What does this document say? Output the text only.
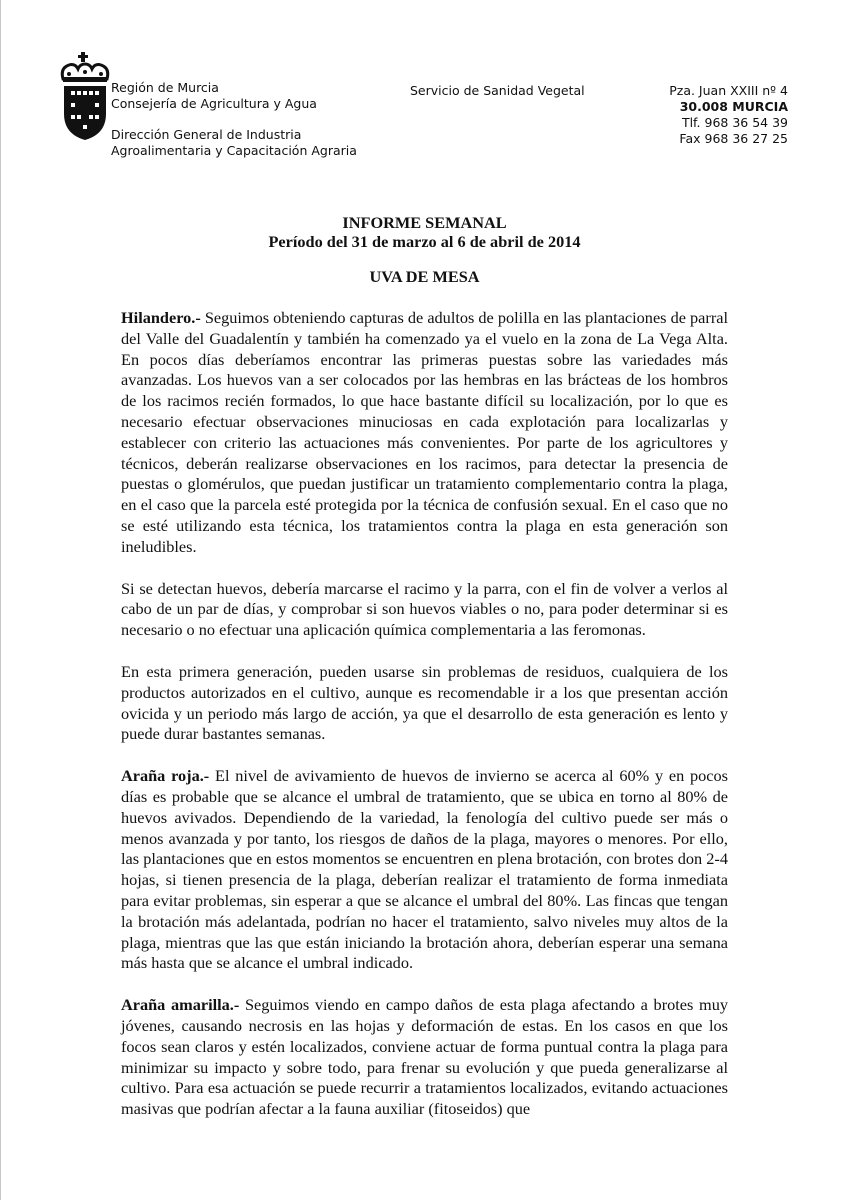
Región de Murcia
Consejería de Agricultura y Agua
Dirección General de Industria
Agroalimentaria y Capacitación Agraria
Servicio de Sanidad Vegetal	Pza. Juan XXIII nº 4
30.008 MURCIA
Tlf. 968 36 54 39
Fax 968 36 27 25
INFORME SEMANAL
Período del 31 de marzo al 6 de abril de 2014
UVA DE MESA

Hilandero.- Seguimos obteniendo capturas de adultos de polilla en las plantaciones de parral del Valle del Guadalentín y también ha comenzado ya el vuelo en la zona de La Vega Alta. En pocos días deberíamos encontrar las primeras puestas sobre las variedades más avanzadas. Los huevos van a ser colocados por las hembras en las brácteas de los hombros de los racimos recién formados, lo que hace bastante difícil su localización, por lo que es necesario efectuar observaciones minuciosas en cada explotación para localizarlas y establecer con criterio las actuaciones más convenientes. Por parte de los agricultores y técnicos, deberán realizarse observaciones en los racimos, para detectar la presencia de puestas o glomérulos, que puedan justificar un tratamiento complementario contra la plaga, en el caso que la parcela esté protegida por la técnica de confusión sexual. En el caso que no se esté utilizando esta técnica, los tratamientos contra la plaga en esta generación son ineludibles.

Si se detectan huevos, debería marcarse el racimo y la parra, con el fin de volver a verlos al cabo de un par de días, y comprobar si son huevos viables o no, para poder determinar si es necesario o no efectuar una aplicación química complementaria a las feromonas.

En esta primera generación, pueden usarse sin problemas de residuos, cualquiera de los productos autorizados en el cultivo, aunque es recomendable ir a los que presentan acción ovicida y un periodo más largo de acción, ya que el desarrollo de esta generación es lento y puede durar bastantes semanas.

Araña roja.- El nivel de avivamiento de huevos de invierno se acerca al 60% y en pocos días es probable que se alcance el umbral de tratamiento, que se ubica en torno al 80% de huevos avivados. Dependiendo de la variedad, la fenología del cultivo puede ser más o menos avanzada y por tanto, los riesgos de daños de la plaga, mayores o menores. Por ello, las plantaciones que en estos momentos se encuentren en plena brotación, con brotes don 2-4 hojas, si tienen presencia de la plaga, deberían realizar el tratamiento de forma inmediata para evitar problemas, sin esperar a que se alcance el umbral del 80%. Las fincas que tengan la brotación más adelantada, podrían no hacer el tratamiento, salvo niveles muy altos de la plaga, mientras que las que están iniciando la brotación ahora, deberían esperar una semana más hasta que se alcance el umbral indicado.

Araña amarilla.- Seguimos viendo en campo daños de esta plaga afectando a brotes muy jóvenes, causando necrosis en las hojas y deformación de estas. En los casos en que los focos sean claros y estén localizados, conviene actuar de forma puntual contra la plaga para minimizar su impacto y sobre todo, para frenar su evolución y que pueda generalizarse al cultivo. Para esa actuación se puede recurrir a tratamientos localizados, evitando actuaciones masivas que podrían afectar a la fauna auxiliar (fitoseidos) que
